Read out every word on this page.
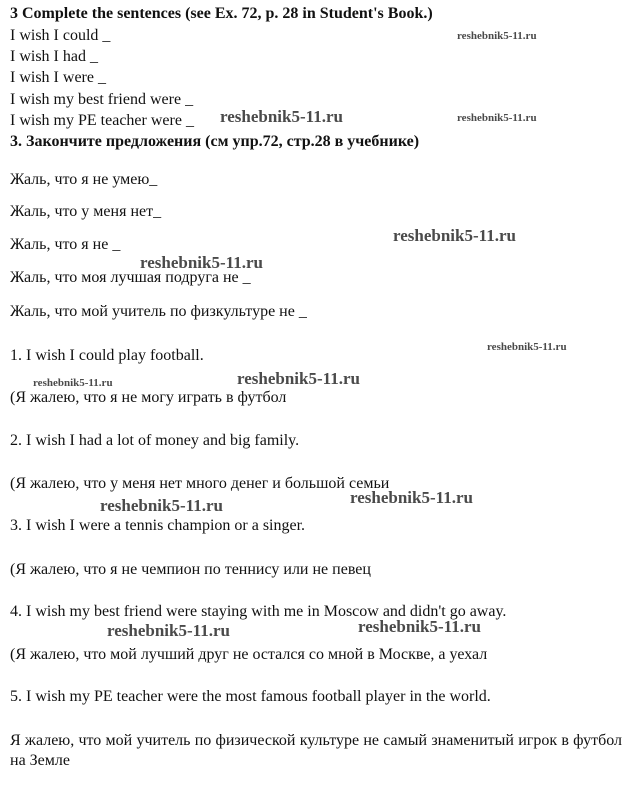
3 Complete the sentences (see Ex. 72, p. 28 in Student's Book.)
I wish I could _
I wish I had _
I wish I were _
I wish my best friend were _
I wish my PE teacher were _
3. Закончите предложения (см упр.72, стр.28 в учебнике)
Жаль, что я не умею_
Жаль, что у меня нет_
Жаль, что я не _
Жаль, что моя лучшая подруга не _
Жаль, что мой учитель по физкультуре не _
1. I wish I could play football.
(Я жалею, что я не могу играть в футбол
2. I wish I had a lot of money and big family.
(Я жалею, что у меня нет много денег и большой семьи
3. I wish I were a tennis champion or a singer.
(Я жалею, что я не чемпион по теннису или не певец
4. I wish my best friend were staying with me in Moscow and didn't go away.
(Я жалею, что мой лучший друг не остался со мной в Москве, а уехал
5. I wish my PE teacher were the most famous football player in the world.
Я жалею, что мой учитель по физической культуре не самый знаменитый игрок в футбол на Земле
reshebnik5-11.ru
reshebnik5-11.ru	reshebnik5-11.ru
reshebnik5-11.ru
reshebnik5-11.ru
reshebnik5-11.ru
reshebnik5-11.ru	reshebnik5-11.ru
reshebnik5-11.ru
reshebnik5-11.ru
reshebnik5-11.ru	reshebnik5-11.ru
